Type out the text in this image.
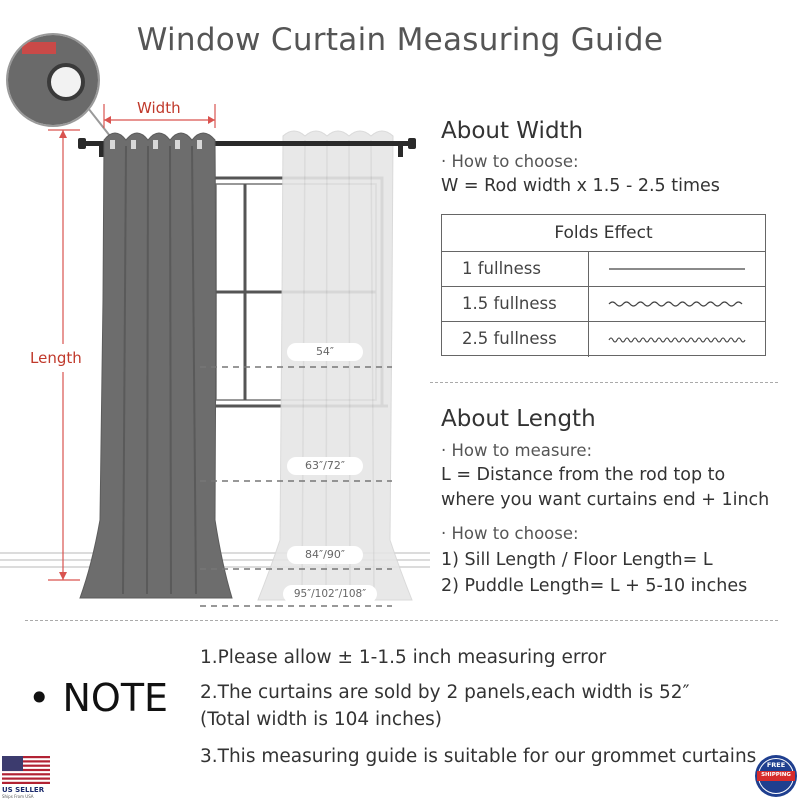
Window Curtain Measuring Guide
Width
Length	54″
63″/72″
84″/90″
95″/102″/108″
About Width
· How to choose:
W = Rod width x 1.5 - 2.5 times
Folds Effect
1 fullness
1.5 fullness
2.5 fullness
About Length
· How to measure:
L = Distance from the rod top to
where you want curtains end + 1inch
· How to choose:
1) Sill Length / Floor Length= L
2) Puddle Length= L + 5-10 inches
• NOTE
1.Please allow ± 1-1.5 inch measuring error
2.The curtains are sold by 2 panels,each width is 52″
(Total width is 104 inches)
3.This measuring guide is suitable for our grommet curtains
US SELLER
Ships From USA
FREE
SHIPPING
